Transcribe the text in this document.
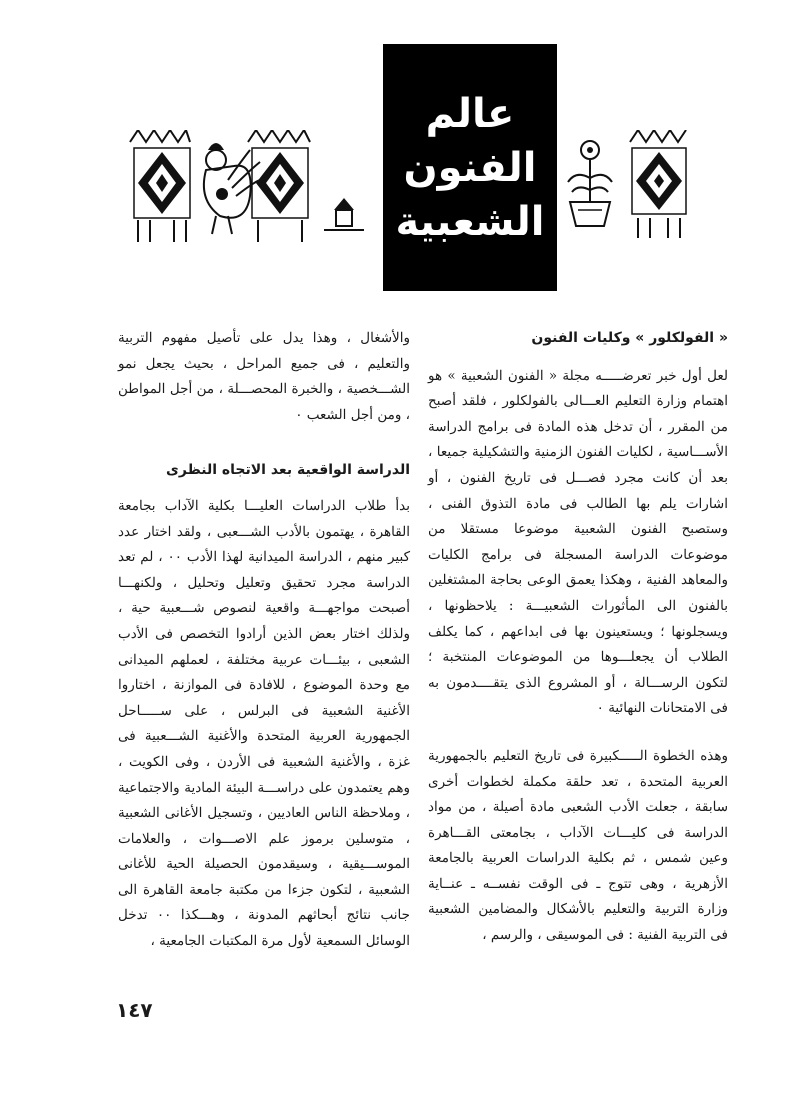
عالم
الفنون
الشعبية
« الفولكلور » وكليات الفنون

لعل أول خبر تعرضـــــه مجلة « الفنون الشعبية » هو اهتمام وزارة التعليم العـــالى بالفولكلور ، فلقد أصبح من المقرر ، أن تدخل هذه المادة فى برامج الدراسة الأســـاسية ، لكليات الفنون الزمنية والتشكيلية جميعا ، بعد أن كانت مجرد فصـــل فى تاريخ الفنون ، أو اشارات يلم بها الطالب فى مادة التذوق الفنى ، وستصبح الفنون الشعبية موضوعا مستقلا من موضوعات الدراسة المسجلة فى برامج الكليات والمعاهد الفنية ، وهكذا يعمق الوعى بحاجة المشتغلين بالفنون الى المأثورات الشعبيـــة : يلاحظونها ، ويسجلونها ؛ ويستعينون بها فى ابداعهم ، كما يكلف الطلاب أن يجعلـــوها من الموضوعات المنتخبة ؛ لتكون الرســـالة ، أو المشروع الذى يتقــــدمون به فى الامتحانات النهائية ٠

وهذه الخطوة الـــــكبيرة فى تاريخ التعليم بالجمهورية العربية المتحدة ، تعد حلقة مكملة لخطوات أخرى سابقة ، جعلت الأدب الشعبى مادة أصيلة ، من مواد الدراسة فى كليـــات الآداب ، بجامعتى القـــاهرة وعين شمس ، ثم بكلية الدراسات العربية بالجامعة الأزهرية ، وهى تتوج ـ فى الوقت نفســه ـ عنــاية وزارة التربية والتعليم بالأشكال والمضامين الشعبية فى التربية الفنية : فى الموسيقى ، والرسم ،

والأشغال ، وهذا يدل على تأصيل مفهوم التربية والتعليم ، فى جميع المراحل ، بحيث يجعل نمو الشـــخصية ، والخبرة المحصـــلة ، من أجل المواطن ، ومن أجل الشعب ٠

الدراسة الواقعية بعد الاتجاه النظرى

بدأ طلاب الدراسات العليـــا بكلية الآداب بجامعة القاهرة ، يهتمون بالأدب الشـــعبى ، ولقد اختار عدد كبير منهم ، الدراسة الميدانية لهذا الأدب ٠٠ ، لم تعد الدراسة مجرد تحقيق وتعليل وتحليل ، ولكنهـــا أصبحت مواجهـــة واقعية لنصوص شـــعبية حية ، ولذلك اختار بعض الذين أرادوا التخصص فى الأدب الشعبى ، بيئـــات عربية مختلفة ، لعملهم الميدانى مع وحدة الموضوع ، للافادة فى الموازنة ، اختاروا الأغنية الشعبية فى البرلس ، على ســـــاحل الجمهورية العربية المتحدة والأغنية الشـــعبية فى غزة ، والأغنية الشعبية فى الأردن ، وفى الكويت ، وهم يعتمدون على دراســـة البيئة المادية والاجتماعية ، وملاحظة الناس العاديين ، وتسجيل الأغانى الشعبية ، متوسلين برموز علم الاصـــوات ، والعلامات الموســـيقية ، وسيقدمون الحصيلة الحية للأغانى الشعبية ، لتكون جزءا من مكتبة جامعة القاهرة الى جانب نتائج أبحاثهم المدونة ، وهـــكذا ٠٠ تدخل الوسائل السمعية لأول مرة المكتبات الجامعية ،

١٤٧
